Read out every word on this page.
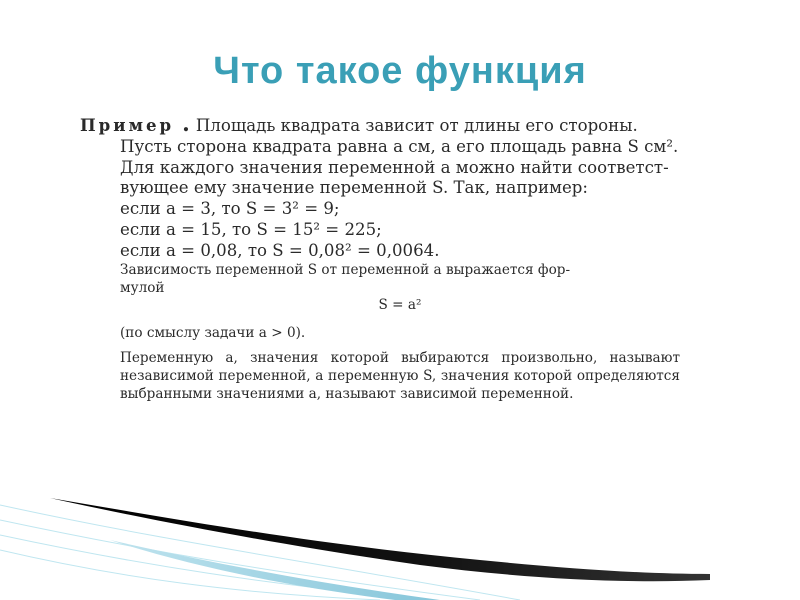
Что такое функция
Пример . Площадь квадрата зависит от длины его стороны.
Пусть сторона квадрата равна a см, а его площадь равна S см².
Для каждого значения переменной a можно найти соответст-
вующее ему значение переменной S. Так, например:
если a = 3, то S = 3² = 9;
если a = 15, то S = 15² = 225;
если a = 0,08, то S = 0,08² = 0,0064.

Зависимость переменной S от переменной a выражается фор-

мулой

S = a²

(по смыслу задачи a > 0).

Переменную a, значения которой выбираются произвольно, называют независимой переменной, а переменную S, значения которой определяются выбранными значениями a, называют зависимой переменной.
